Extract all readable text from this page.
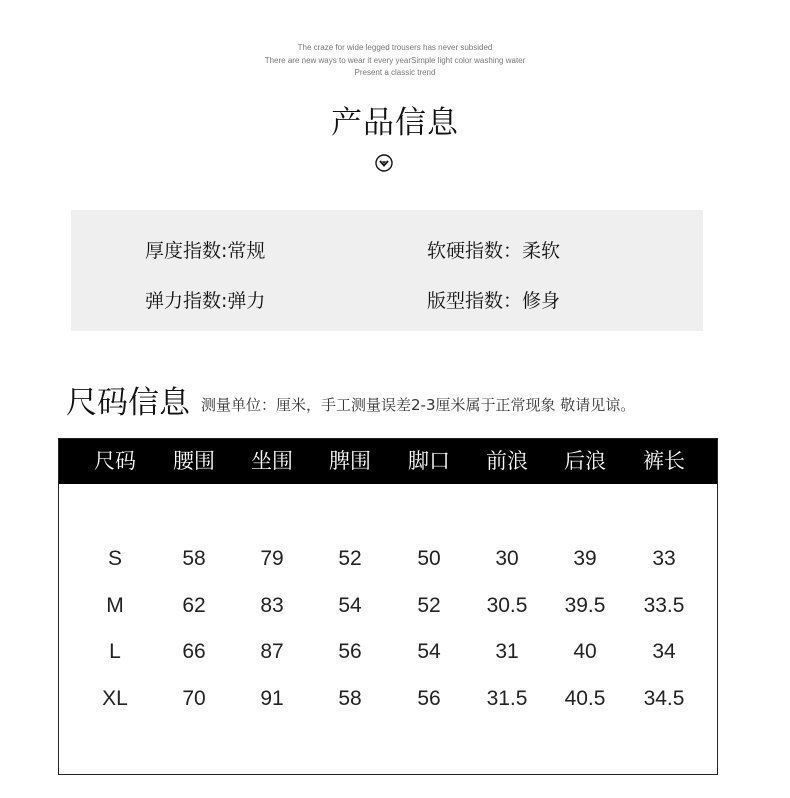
The craze for wide legged trousers has never subsided
There are new ways to wear it every yearSimple light color washing water
Present a classic trend
产品信息
厚度指数:常规	软硬指数：柔软
弹力指数:弹力	版型指数：修身
尺码信息 测量单位：厘米，手工测量误差2-3厘米属于正常现象 敬请见谅。
尺码	腰围	坐围	脾围	脚口	前浪	后浪	裤长
S	58	79	52	50	30	39	33
M	62	83	54	52	30.5	39.5	33.5
L	66	87	56	54	31	40	34
XL	70	91	58	56	31.5	40.5	34.5
